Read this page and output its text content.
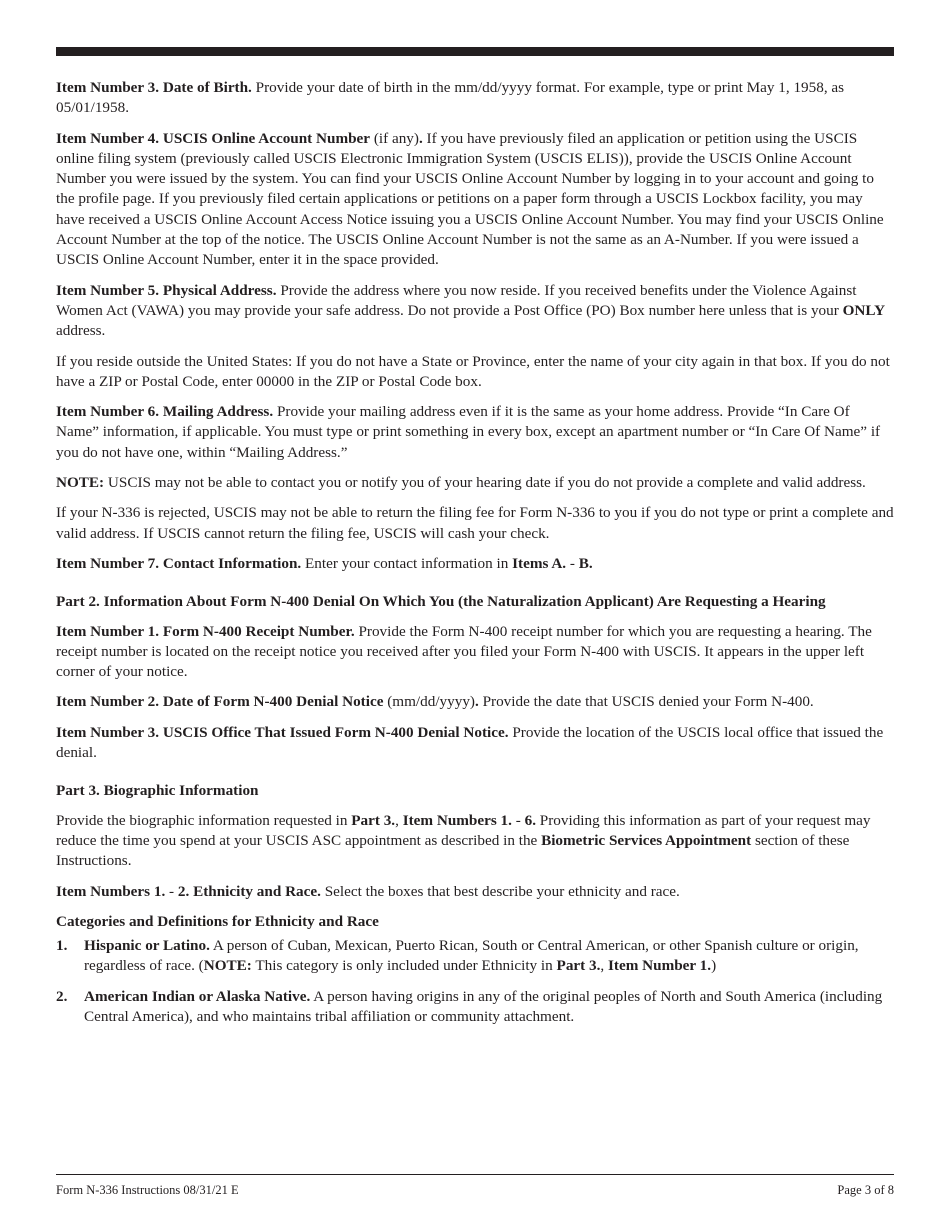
Item Number 3. Date of Birth. Provide your date of birth in the mm/dd/yyyy format. For example, type or print May 1, 1958, as 05/01/1958.

Item Number 4. USCIS Online Account Number (if any). If you have previously filed an application or petition using the USCIS online filing system (previously called USCIS Electronic Immigration System (USCIS ELIS)), provide the USCIS Online Account Number you were issued by the system. You can find your USCIS Online Account Number by logging in to your account and going to the profile page. If you previously filed certain applications or petitions on a paper form through a USCIS Lockbox facility, you may have received a USCIS Online Account Access Notice issuing you a USCIS Online Account Number. You may find your USCIS Online Account Number at the top of the notice. The USCIS Online Account Number is not the same as an A-Number. If you were issued a USCIS Online Account Number, enter it in the space provided.

Item Number 5. Physical Address. Provide the address where you now reside. If you received benefits under the Violence Against Women Act (VAWA) you may provide your safe address. Do not provide a Post Office (PO) Box number here unless that is your ONLY address.

If you reside outside the United States: If you do not have a State or Province, enter the name of your city again in that box. If you do not have a ZIP or Postal Code, enter 00000 in the ZIP or Postal Code box.

Item Number 6. Mailing Address. Provide your mailing address even if it is the same as your home address. Provide “In Care Of Name” information, if applicable. You must type or print something in every box, except an apartment number or “In Care Of Name” if you do not have one, within “Mailing Address.”

NOTE: USCIS may not be able to contact you or notify you of your hearing date if you do not provide a complete and valid address.

If your N-336 is rejected, USCIS may not be able to return the filing fee for Form N-336 to you if you do not type or print a complete and valid address. If USCIS cannot return the filing fee, USCIS will cash your check.

Item Number 7. Contact Information. Enter your contact information in Items A. - B.

Part 2. Information About Form N-400 Denial On Which You (the Naturalization Applicant) Are Requesting a Hearing

Item Number 1. Form N-400 Receipt Number. Provide the Form N-400 receipt number for which you are requesting a hearing. The receipt number is located on the receipt notice you received after you filed your Form N-400 with USCIS. It appears in the upper left corner of your notice.

Item Number 2. Date of Form N-400 Denial Notice (mm/dd/yyyy). Provide the date that USCIS denied your Form N-400.

Item Number 3. USCIS Office That Issued Form N-400 Denial Notice. Provide the location of the USCIS local office that issued the denial.

Part 3. Biographic Information

Provide the biographic information requested in Part 3., Item Numbers 1. - 6. Providing this information as part of your request may reduce the time you spend at your USCIS ASC appointment as described in the Biometric Services Appointment section of these Instructions.

Item Numbers 1. - 2. Ethnicity and Race. Select the boxes that best describe your ethnicity and race.

Categories and Definitions for Ethnicity and Race

1.	Hispanic or Latino. A person of Cuban, Mexican, Puerto Rican, South or Central American, or other Spanish culture or origin, regardless of race. (NOTE: This category is only included under Ethnicity in Part 3., Item Number 1.)
2.	American Indian or Alaska Native. A person having origins in any of the original peoples of North and South America (including Central America), and who maintains tribal affiliation or community attachment.
Form N-336 Instructions 08/31/21 E	Page 3 of 8
